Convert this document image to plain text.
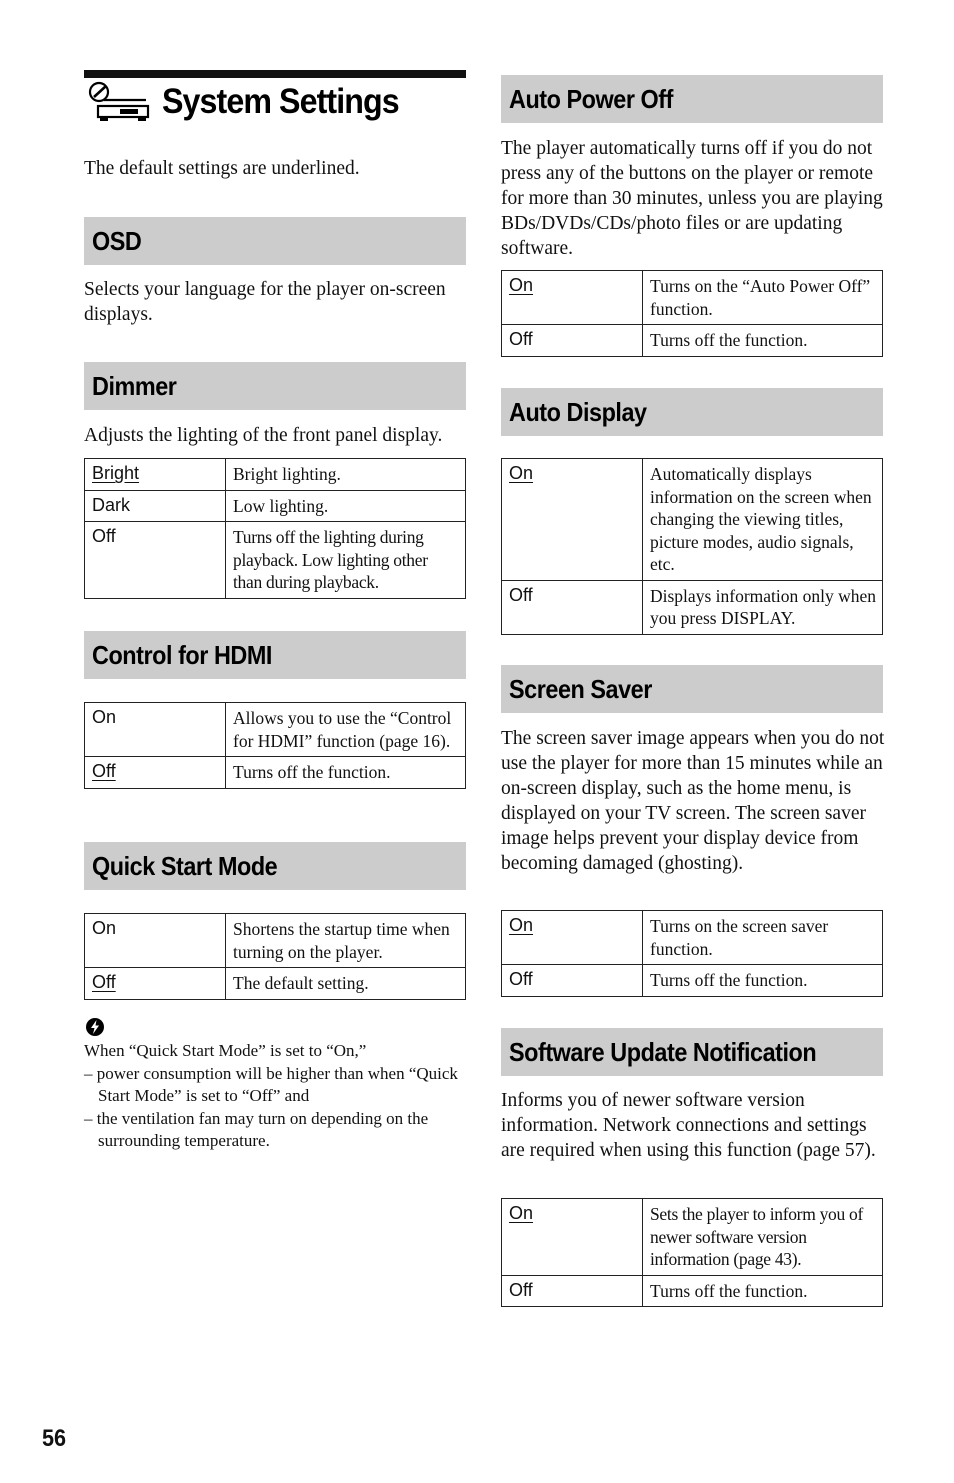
System Settings

The default settings are underlined.

OSD

Selects your language for the player on-screen displays.

Dimmer

Adjusts the lighting of the front panel display.

Bright	Bright lighting.
Dark	Low lighting.
Off	Turns off the lighting during playback. Low lighting other than during playback.
Control for HDMI
On	Allows you to use the “Control for HDMI” function (page 16).
Off	Turns off the function.
Quick Start Mode
On	Shortens the startup time when turning on the player.
Off	The default setting.
When “Quick Start Mode” is set to “On,”
– power consumption will be higher than when “Quick Start Mode” is set to “Off” and
– the ventilation fan may turn on depending on the surrounding temperature.
Auto Power Off

The player automatically turns off if you do not press any of the buttons on the player or remote for more than 30 minutes, unless you are playing BDs/DVDs/CDs/photo files or are updating software.

On	Turns on the “Auto Power Off” function.
Off	Turns off the function.
Auto Display
On	Automatically displays information on the screen when changing the viewing titles, picture modes, audio signals, etc.
Off	Displays information only when you press DISPLAY.
Screen Saver

The screen saver image appears when you do not use the player for more than 15 minutes while an on-screen display, such as the home menu, is displayed on your TV screen. The screen saver image helps prevent your display device from becoming damaged (ghosting).

On	Turns on the screen saver function.
Off	Turns off the function.
Software Update Notification

Informs you of newer software version information. Network connections and settings are required when using this function (page 57).

On	Sets the player to inform you of newer software version information (page 43).
Off	Turns off the function.
56
